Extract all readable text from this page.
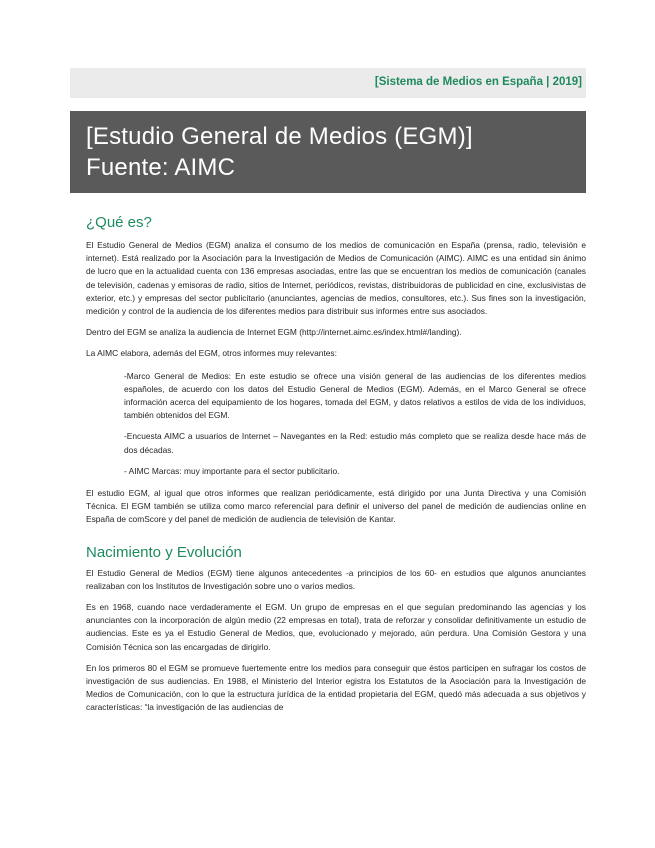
[Sistema de Medios en España | 2019]
[Estudio General de Medios (EGM)]
Fuente: AIMC
¿Qué es?

El Estudio General de Medios (EGM) analiza el consumo de los medios de comunicación en España (prensa, radio, televisión e internet). Está realizado por la Asociación para la Investigación de Medios de Comunicación (AIMC). AIMC es una entidad sin ánimo de lucro que en la actualidad cuenta con 136 empresas asociadas, entre las que se encuentran los medios de comunicación (canales de televisión, cadenas y emisoras de radio, sitios de Internet, periódicos, revistas, distribuidoras de publicidad en cine, exclusivistas de exterior, etc.) y empresas del sector publicitario (anunciantes, agencias de medios, consultores, etc.). Sus fines son la investigación, medición y control de la audiencia de los diferentes medios para distribuir sus informes entre sus asociados.

Dentro del EGM se analiza la audiencia de Internet EGM (http://internet.aimc.es/index.html#/landing).

La AIMC elabora, además del EGM, otros informes muy relevantes:

-Marco General de Medios: En este estudio se ofrece una visión general de las audiencias de los diferentes medios españoles, de acuerdo con los datos del Estudio General de Medios (EGM). Además, en el Marco General se ofrece información acerca del equipamiento de los hogares, tomada del EGM, y datos relativos a estilos de vida de los individuos, también obtenidos del EGM.

-Encuesta AIMC a usuarios de Internet – Navegantes en la Red: estudio más completo que se realiza desde hace más de dos décadas.

- AIMC Marcas: muy importante para el sector publicitario.

El estudio EGM, al igual que otros informes que realizan periódicamente, está dirigido por una Junta Directiva y una Comisión Técnica. El EGM también se utiliza como marco referencial para definir el universo del panel de medición de audiencias online en España de comScore y del panel de medición de audiencia de televisión de Kantar.

Nacimiento y Evolución

El Estudio General de Medios (EGM) tiene algunos antecedentes -a principios de los 60- en estudios que algunos anunciantes realizaban con los Institutos de Investigación sobre uno o varios medios.

Es en 1968, cuando nace verdaderamente el EGM. Un grupo de empresas en el que seguían predominando las agencias y los anunciantes con la incorporación de algún medio (22 empresas en total), trata de reforzar y consolidar definitivamente un estudio de audiencias. Este es ya el Estudio General de Medios, que, evolucionado y mejorado, aún perdura. Una Comisión Gestora y una Comisión Técnica son las encargadas de dirigirlo.

En los primeros 80 el EGM se promueve fuertemente entre los medios para conseguir que éstos participen en sufragar los costos de investigación de sus audiencias. En 1988, el Ministerio del Interior egistra los Estatutos de la Asociación para la Investigación de Medios de Comunicación, con lo que la estructura jurídica de la entidad propietaria del EGM, quedó más adecuada a sus objetivos y características: “la investigación de las audiencias de
